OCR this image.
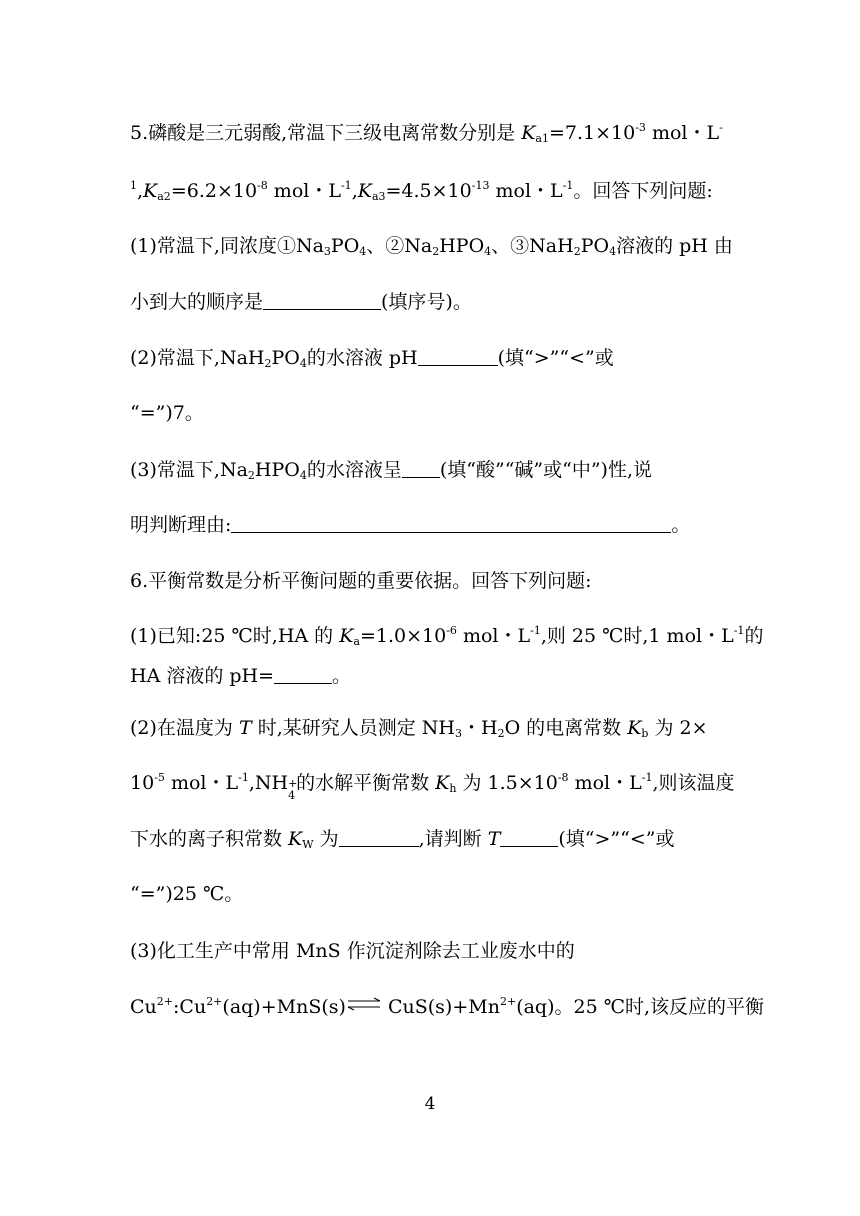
5.磷酸是三元弱酸,常温下三级电离常数分别是 $K_{a1}=7.1\times 10^{-3}$ mol・L-
$^1,K_{a2}=6.2\times 10^{-8}$ mol・$L^{-1},K_{a3}=4.5\times 10^{-13}$ mol・$L^{-1}$。回答下列问题:
(1)常温下,同浓度$①Na_3PO_4$、$②Na_2HPO_4$、$③NaH_2PO_4$溶液的 pH 由
小到大的顺序是	(填序号)。
(2)常温下$,NaH_2PO_4$的水溶液 pH	(填“>”“<”或
“=”)7。
(3)常温下$,Na_2HPO_4$的水溶液呈 (填“酸”“碱”或“中”)性,说
明判断理由:	。
6.平衡常数是分析平衡问题的重要依据。回答下列问题:
(1)已知:25 ℃时,HA 的 $K_a=1.0\times 10^{-6}$ mol・$L^{-1}$,则 25 ℃时,1 mol・$L^{-1}$的
HA 溶液的 pH=	。
(2)在温度为 T 时,某研究人员测定 $NH_3$・$H_2O$ 的电离常数 $K_b$ 为 2×
$10^{-5}$ mol・$L^{-1},NH$ +
4
的水解平衡常数 $K_h$ 为 $1.5\times 10^{-8}$ mol・$L^{-1}$,则该温度
下水的离子积常数 $K_W$ 为	,请判断 T	(填“>”“<”或
“=”)25 ℃。
(3)化工生产中常用 MnS 作沉淀剂除去工业废水中的
$Cu^{2+}:Cu^{2+}(aq)+MnS(s)\rightleftharpoons$ $CuS(s)+Mn^{2+}(aq)$。25 ℃时,该反应的平衡
4
